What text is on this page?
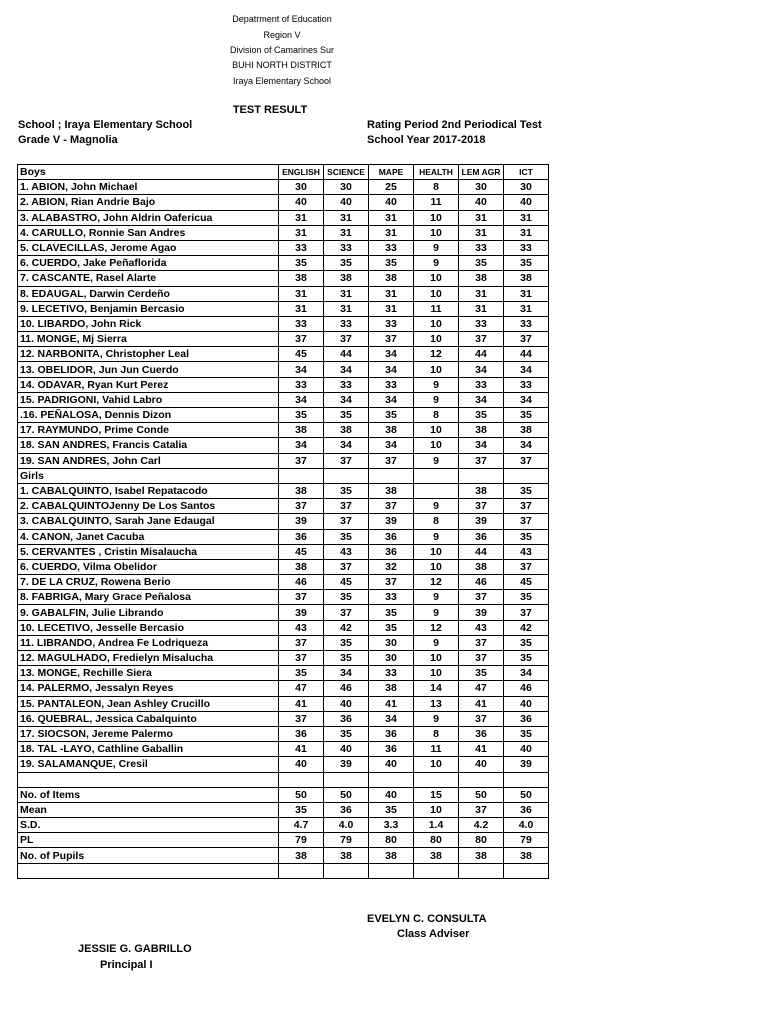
Depatrment of Education
Region V
Division of Camarines Sur
BUHI NORTH DISTRICT
Iraya Elementary School
TEST RESULT
School ; Iraya Elementary School
Grade V - Magnolia
Rating Period 2nd Periodical Test
School Year 2017-2018
Boys	ENGLISH	SCIENCE	MAPE	HEALTH	LEM AGR	ICT
1. ABION, John Michael	30	30	25	8	30	30
2. ABION, Rian Andrie Bajo	40	40	40	11	40	40
3. ALABASTRO, John Aldrin Oafericua	31	31	31	10	31	31
4. CARULLO, Ronnie San Andres	31	31	31	10	31	31
5. CLAVECILLAS, Jerome Agao	33	33	33	9	33	33
6. CUERDO, Jake Peñaflorida	35	35	35	9	35	35
7. CASCANTE, Rasel Alarte	38	38	38	10	38	38
8. EDAUGAL, Darwin Cerdeño	31	31	31	10	31	31
9. LECETIVO, Benjamin Bercasio	31	31	31	11	31	31
10. LIBARDO, John Rick	33	33	33	10	33	33
11. MONGE, Mj Sierra	37	37	37	10	37	37
12. NARBONITA, Christopher Leal	45	44	34	12	44	44
13. OBELIDOR, Jun Jun Cuerdo	34	34	34	10	34	34
14. ODAVAR, Ryan Kurt Perez	33	33	33	9	33	33
15. PADRIGONI, Vahid Labro	34	34	34	9	34	34
.16. PEÑALOSA, Dennis Dizon	35	35	35	8	35	35
17. RAYMUNDO, Prime Conde	38	38	38	10	38	38
18. SAN ANDRES, Francis Catalia	34	34	34	10	34	34
19. SAN ANDRES, John Carl	37	37	37	9	37	37
Girls						
1. CABALQUINTO, Isabel Repatacodo	38	35	38		38	35
2. CABALQUINTOJenny De Los Santos	37	37	37	9	37	37
3. CABALQUINTO, Sarah Jane Edaugal	39	37	39	8	39	37
4. CANON, Janet Cacuba	36	35	36	9	36	35
5. CERVANTES , Cristin Misalaucha	45	43	36	10	44	43
6. CUERDO, Vilma Obelidor	38	37	32	10	38	37
7. DE LA CRUZ, Rowena Berio	46	45	37	12	46	45
8. FABRIGA, Mary Grace Peñalosa	37	35	33	9	37	35
9. GABALFIN, Julie Librando	39	37	35	9	39	37
10. LECETIVO, Jesselle Bercasio	43	42	35	12	43	42
11. LIBRANDO, Andrea Fe Lodriqueza	37	35	30	9	37	35
12. MAGULHADO, Fredielyn Misalucha	37	35	30	10	37	35
13. MONGE, Rechille Siera	35	34	33	10	35	34
14. PALERMO, Jessalyn Reyes	47	46	38	14	47	46
15. PANTALEON, Jean Ashley Crucillo	41	40	41	13	41	40
16. QUEBRAL, Jessica Cabalquinto	37	36	34	9	37	36
17. SIOCSON, Jereme Palermo	36	35	36	8	36	35
18. TAL -LAYO, Cathline Gaballin	41	40	36	11	41	40
19. SALAMANQUE, Cresil	40	39	40	10	40	39

No. of Items	50	50	40	15	50	50
Mean	35	36	35	10	37	36
S.D.	4.7	4.0	3.3	1.4	4.2	4.0
PL	79	79	80	80	80	79
No. of Pupils	38	38	38	38	38	38

EVELYN C. CONSULTA
Class Adviser
JESSIE G. GABRILLO
Principal I
